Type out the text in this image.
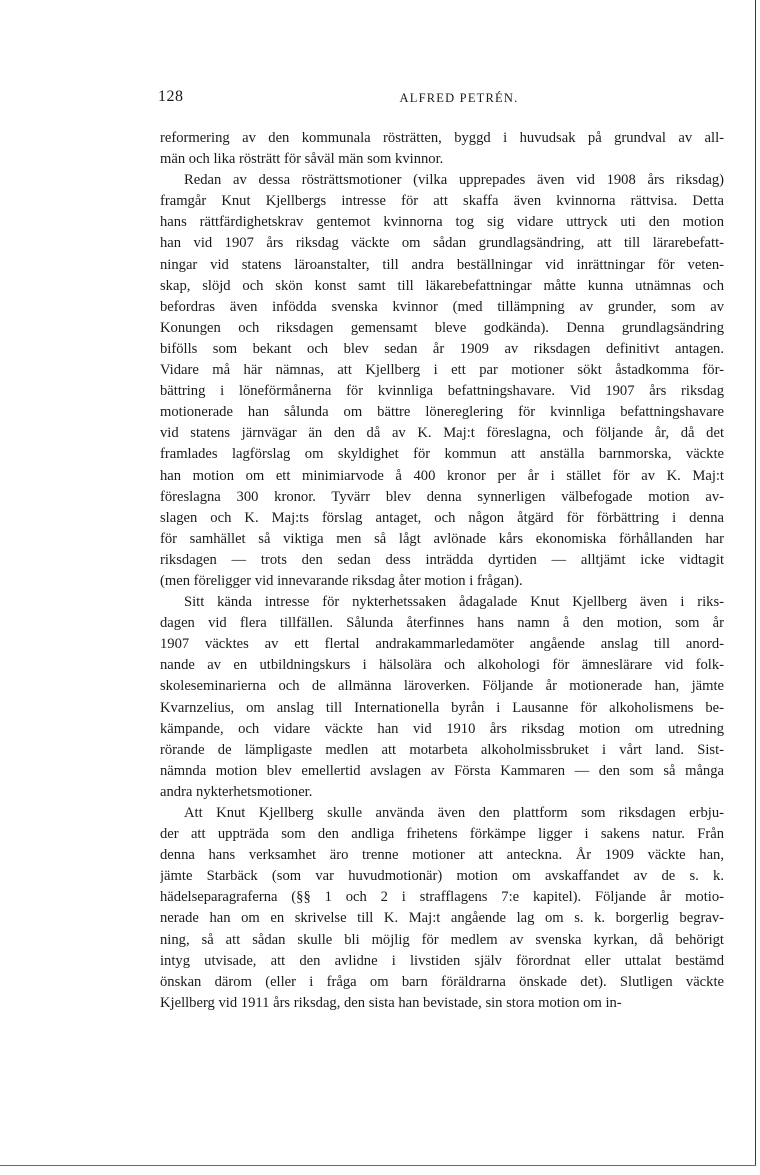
128	ALFRED PETRÉN.
reformering av den kommunala rösträtten, byggd i huvudsak på grundval av all-
män och lika rösträtt för såväl män som kvinnor.
Redan av dessa rösträttsmotioner (vilka upprepades även vid 1908 års riksdag)
framgår Knut Kjellbergs intresse för att skaffa även kvinnorna rättvisa. Detta
hans rättfärdighetskrav gentemot kvinnorna tog sig vidare uttryck uti den motion
han vid 1907 års riksdag väckte om sådan grundlagsändring, att till lärarebefatt-
ningar vid statens läroanstalter, till andra beställningar vid inrättningar för veten-
skap, slöjd och skön konst samt till läkarebefattningar måtte kunna utnämnas och
befordras även infödda svenska kvinnor (med tillämpning av grunder, som av
Konungen och riksdagen gemensamt bleve godkända). Denna grundlagsändring
bifölls som bekant och blev sedan år 1909 av riksdagen definitivt antagen.
Vidare må här nämnas, att Kjellberg i ett par motioner sökt åstadkomma för-
bättring i löneförmånerna för kvinnliga befattningshavare. Vid 1907 års riksdag
motionerade han sålunda om bättre lönereglering för kvinnliga befattningshavare
vid statens järnvägar än den då av K. Maj:t föreslagna, och följande år, då det
framlades lagförslag om skyldighet för kommun att anställa barnmorska, väckte
han motion om ett minimiarvode å 400 kronor per år i stället för av K. Maj:t
föreslagna 300 kronor. Tyvärr blev denna synnerligen välbefogade motion av-
slagen och K. Maj:ts förslag antaget, och någon åtgärd för förbättring i denna
för samhället så viktiga men så lågt avlönade kårs ekonomiska förhållanden har
riksdagen — trots den sedan dess inträdda dyrtiden — alltjämt icke vidtagit
(men föreligger vid innevarande riksdag åter motion i frågan).
Sitt kända intresse för nykterhetssaken ådagalade Knut Kjellberg även i riks-
dagen vid flera tillfällen. Sålunda återfinnes hans namn å den motion, som år
1907 väcktes av ett flertal andrakammarledamöter angående anslag till anord-
nande av en utbildningskurs i hälsolära och alkohologi för ämneslärare vid folk-
skoleseminarierna och de allmänna läroverken. Följande år motionerade han, jämte
Kvarnzelius, om anslag till Internationella byrån i Lausanne för alkoholismens be-
kämpande, och vidare väckte han vid 1910 års riksdag motion om utredning
rörande de lämpligaste medlen att motarbeta alkoholmissbruket i vårt land. Sist-
nämnda motion blev emellertid avslagen av Första Kammaren — den som så många
andra nykterhetsmotioner.
Att Knut Kjellberg skulle använda även den plattform som riksdagen erbju-
der att uppträda som den andliga frihetens förkämpe ligger i sakens natur. Från
denna hans verksamhet äro trenne motioner att anteckna. År 1909 väckte han,
jämte Starbäck (som var huvudmotionär) motion om avskaffandet av de s. k.
hädelseparagraferna (§§ 1 och 2 i strafflagens 7:e kapitel). Följande år motio-
nerade han om en skrivelse till K. Maj:t angående lag om s. k. borgerlig begrav-
ning, så att sådan skulle bli möjlig för medlem av svenska kyrkan, då behörigt
intyg utvisade, att den avlidne i livstiden själv förordnat eller uttalat bestämd
önskan därom (eller i fråga om barn föräldrarna önskade det). Slutligen väckte
Kjellberg vid 1911 års riksdag, den sista han bevistade, sin stora motion om in-
